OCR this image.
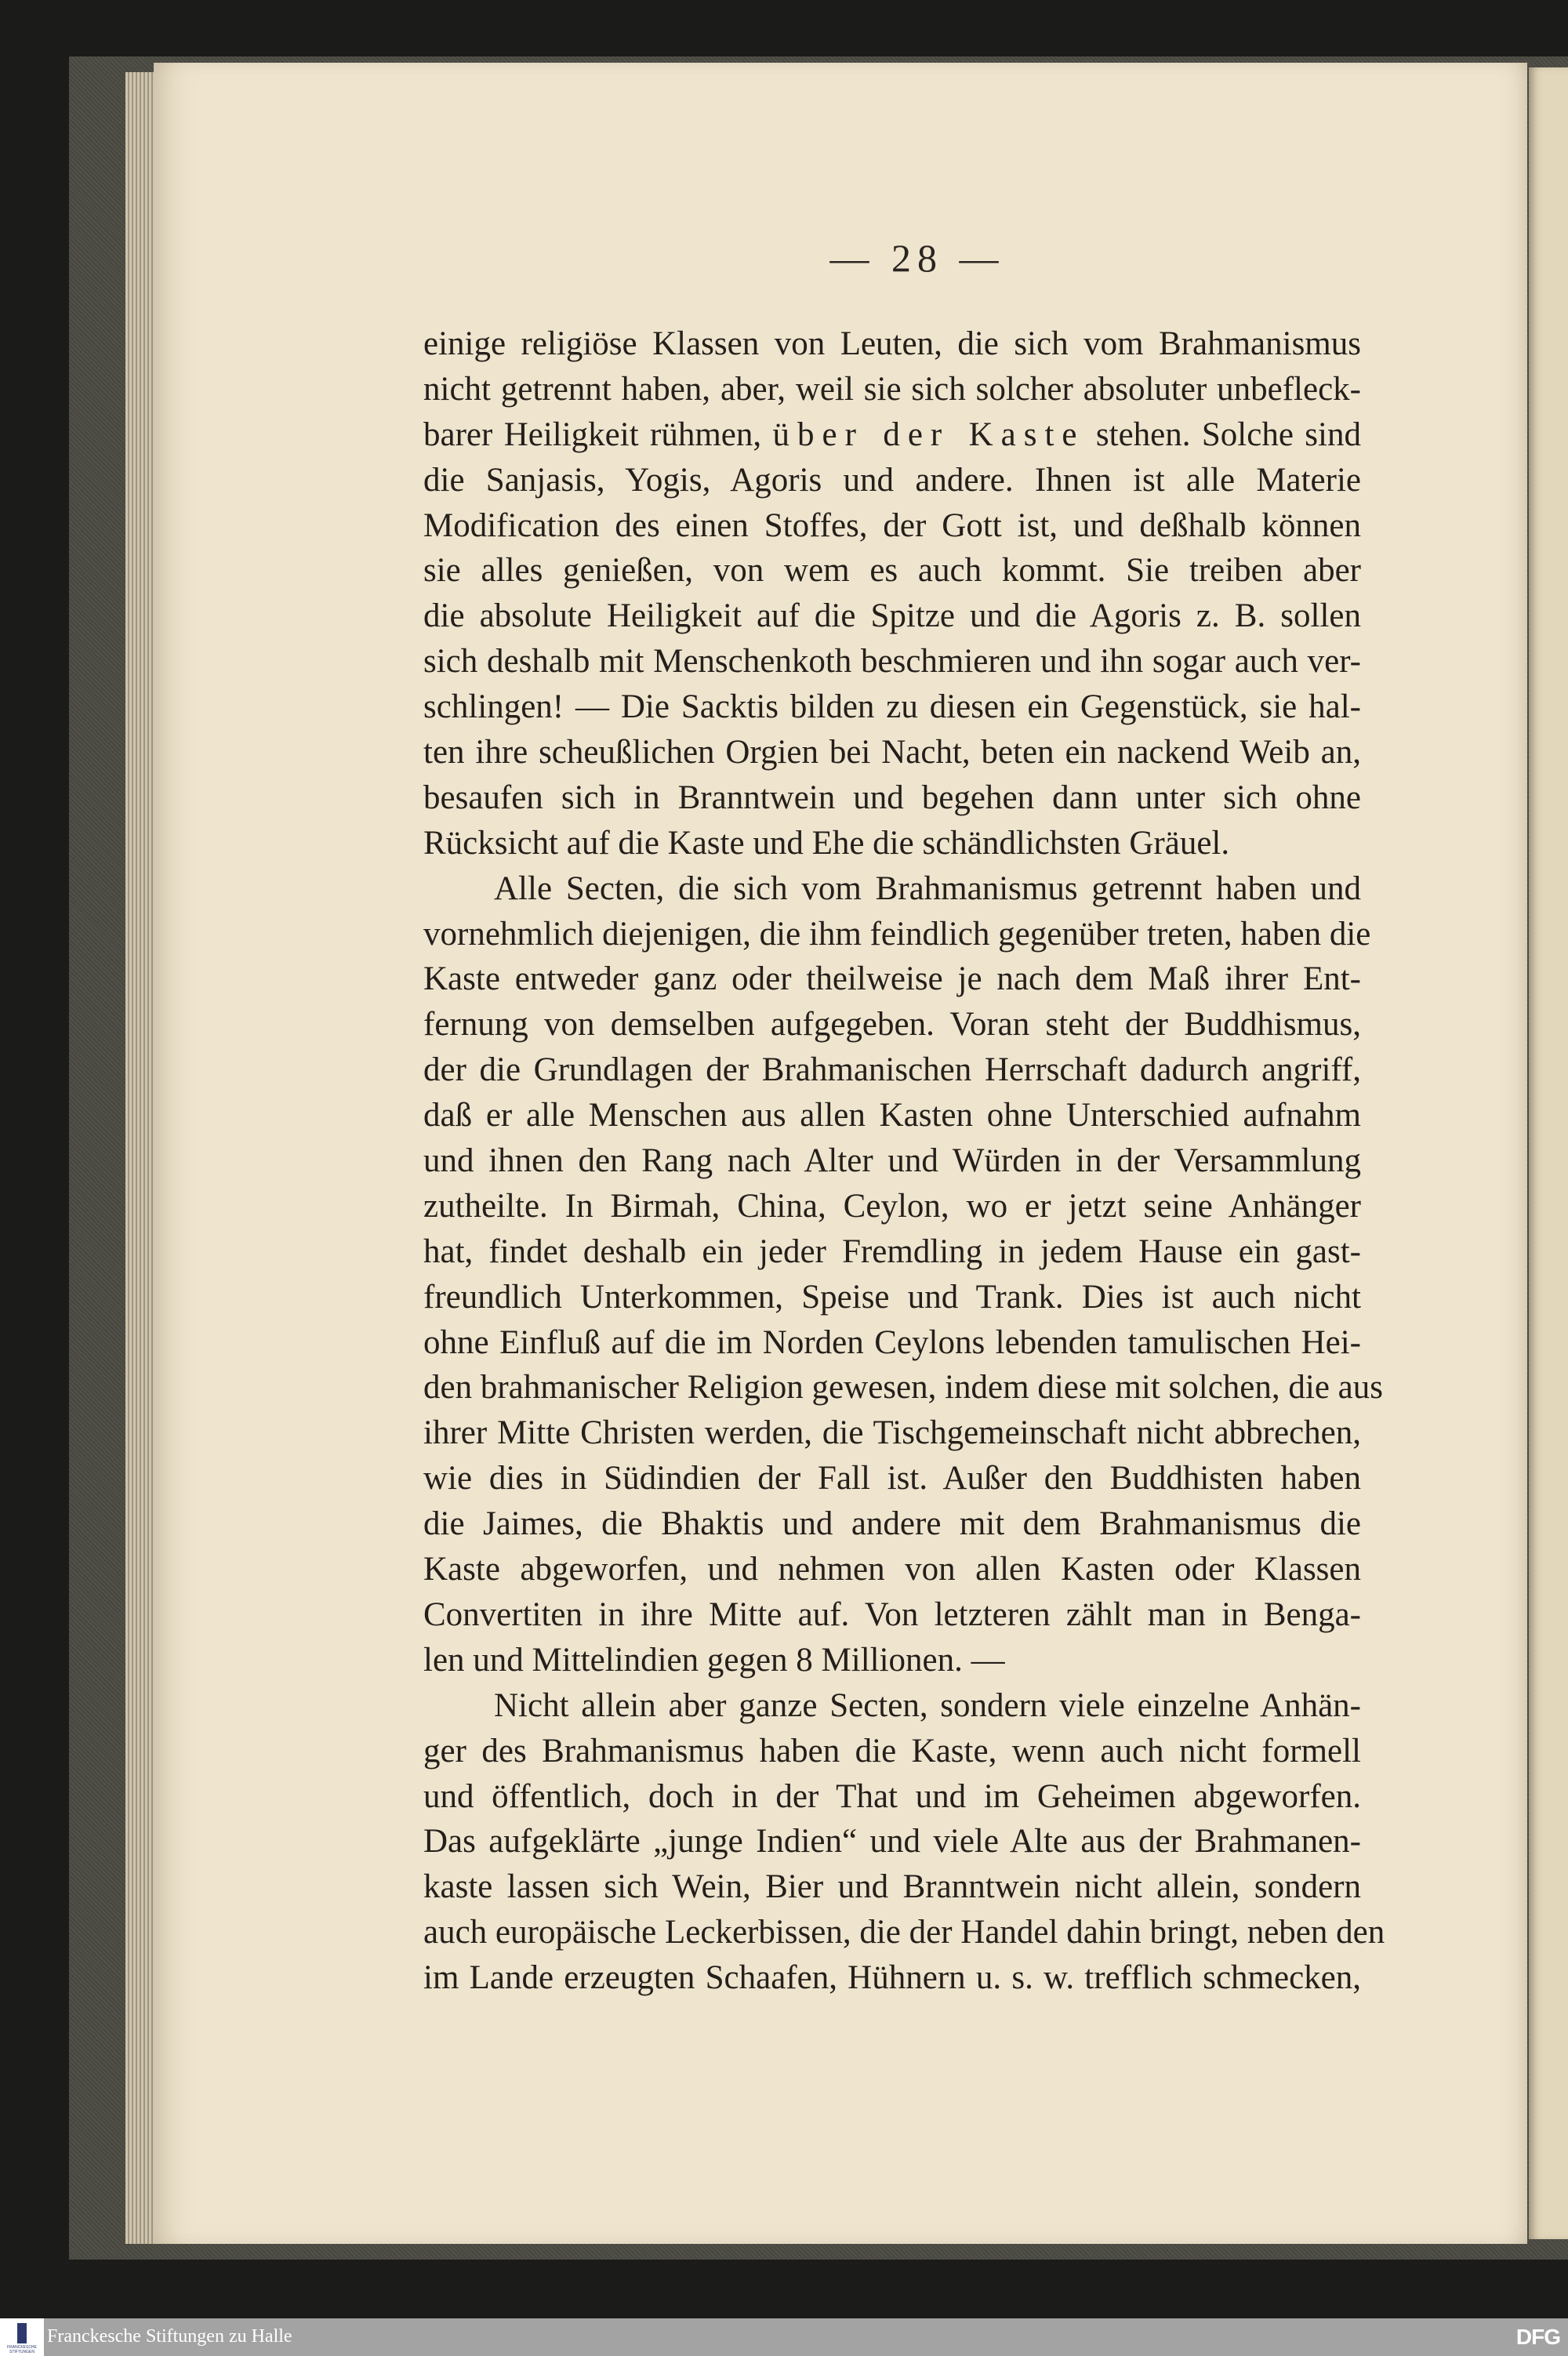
— 28 —
einige religiöse Klassen von Leuten, die sich vom Brahmanismus
nicht getrennt haben, aber, weil sie sich solcher absoluter unbefleck-
barer Heiligkeit rühmen, über der Kaste stehen. Solche sind
die Sanjasis, Yogis, Agoris und andere. Ihnen ist alle Materie
Modification des einen Stoffes, der Gott ist, und deßhalb können
sie alles genießen, von wem es auch kommt. Sie treiben aber
die absolute Heiligkeit auf die Spitze und die Agoris z. B. sollen
sich deshalb mit Menschenkoth beschmieren und ihn sogar auch ver-
schlingen! — Die Sacktis bilden zu diesen ein Gegenstück, sie hal-
ten ihre scheußlichen Orgien bei Nacht, beten ein nackend Weib an,
besaufen sich in Branntwein und begehen dann unter sich ohne
Rücksicht auf die Kaste und Ehe die schändlichsten Gräuel.
Alle Secten, die sich vom Brahmanismus getrennt haben und
vornehmlich diejenigen, die ihm feindlich gegenüber treten, haben die
Kaste entweder ganz oder theilweise je nach dem Maß ihrer Ent-
fernung von demselben aufgegeben. Voran steht der Buddhismus,
der die Grundlagen der Brahmanischen Herrschaft dadurch angriff,
daß er alle Menschen aus allen Kasten ohne Unterschied aufnahm
und ihnen den Rang nach Alter und Würden in der Versammlung
zutheilte. In Birmah, China, Ceylon, wo er jetzt seine Anhänger
hat, findet deshalb ein jeder Fremdling in jedem Hause ein gast-
freundlich Unterkommen, Speise und Trank. Dies ist auch nicht
ohne Einfluß auf die im Norden Ceylons lebenden tamulischen Hei-
den brahmanischer Religion gewesen, indem diese mit solchen, die aus
ihrer Mitte Christen werden, die Tischgemeinschaft nicht abbrechen,
wie dies in Südindien der Fall ist. Außer den Buddhisten haben
die Jaimes, die Bhaktis und andere mit dem Brahmanismus die
Kaste abgeworfen, und nehmen von allen Kasten oder Klassen
Convertiten in ihre Mitte auf. Von letzteren zählt man in Benga-
len und Mittelindien gegen 8 Millionen. —
Nicht allein aber ganze Secten, sondern viele einzelne Anhän-
ger des Brahmanismus haben die Kaste, wenn auch nicht formell
und öffentlich, doch in der That und im Geheimen abgeworfen.
Das aufgeklärte „junge Indien“ und viele Alte aus der Brahmanen-
kaste lassen sich Wein, Bier und Branntwein nicht allein, sondern
auch europäische Leckerbissen, die der Handel dahin bringt, neben den
im Lande erzeugten Schaafen, Hühnern u. s. w. trefflich schmecken,
FRANCKESCHE
STIFTUNGEN
Franckesche Stiftungen zu Halle	DFG
